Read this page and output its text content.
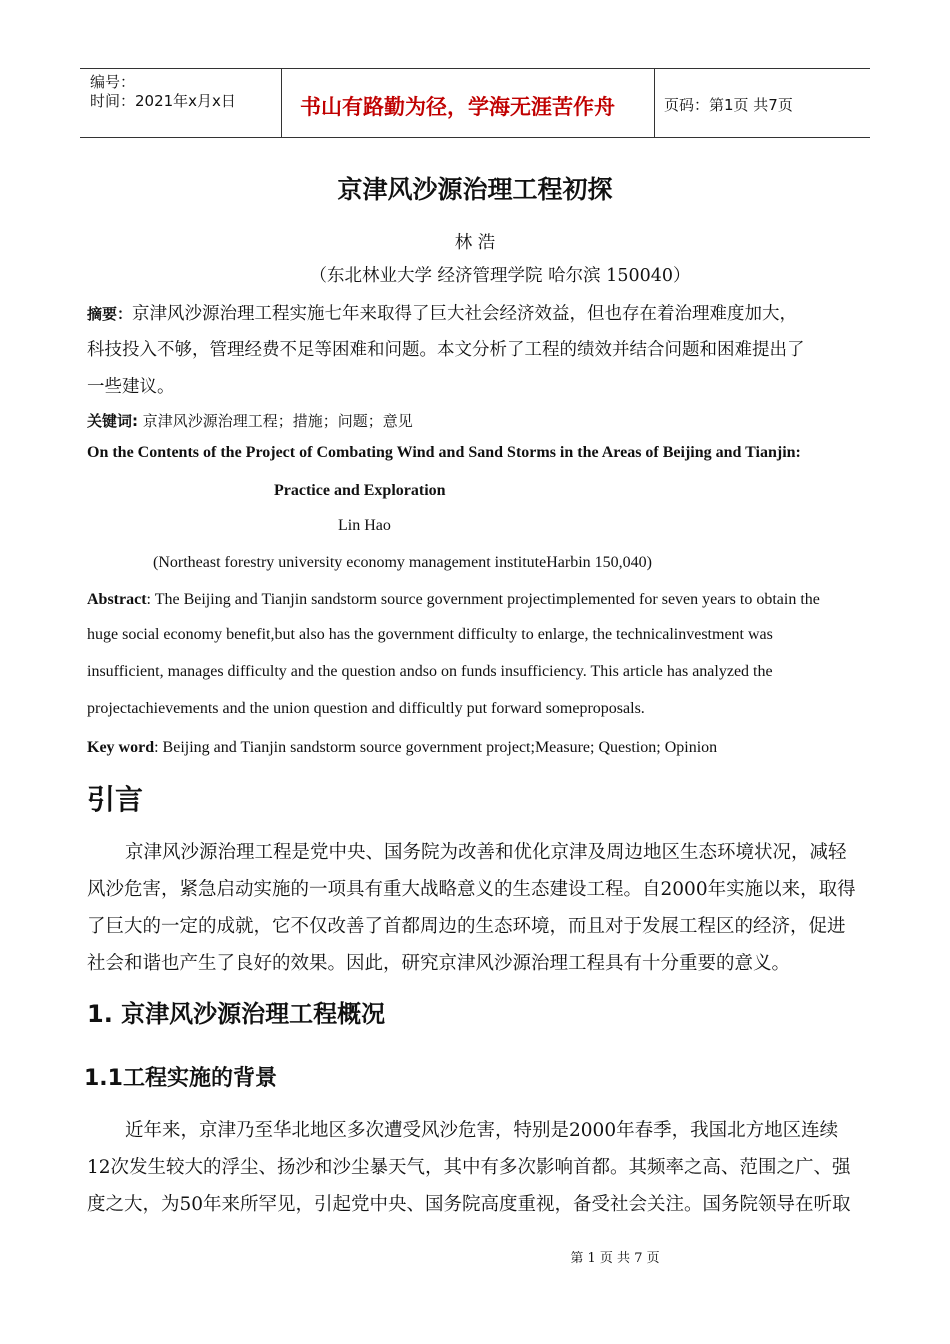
编号：
时间：2021年x月x日	书山有路勤为径，学海无涯苦作舟	页码：第1页 共7页
京津风沙源治理工程初探
林 浩
（东北林业大学 经济管理学院 哈尔滨 150040）
摘要：京津风沙源治理工程实施七年来取得了巨大社会经济效益，但也存在着治理难度加大，
科技投入不够，管理经费不足等困难和问题。本文分析了工程的绩效并结合问题和困难提出了
一些建议。
关键词: 京津风沙源治理工程；措施；问题；意见
On the Contents of the Project of Combating Wind and Sand Storms in the Areas of Beijing and Tianjin:
Practice and Exploration
Lin Hao
(Northeast forestry university economy management instituteHarbin 150,040)
Abstract: The Beijing and Tianjin sandstorm source government projectimplemented for seven years to obtain the
huge social economy benefit,but also has the government difficulty to enlarge, the technicalinvestment was
insufficient, manages difficulty and the question andso on funds insufficiency. This article has analyzed the
projectachievements and the union question and difficultly put forward someproposals.
Key word: Beijing and Tianjin sandstorm source government project;Measure; Question; Opinion
引言
京津风沙源治理工程是党中央、国务院为改善和优化京津及周边地区生态环境状况，减轻
风沙危害，紧急启动实施的一项具有重大战略意义的生态建设工程。自2000年实施以来，取得
了巨大的一定的成就，它不仅改善了首都周边的生态环境，而且对于发展工程区的经济，促进
社会和谐也产生了良好的效果。因此，研究京津风沙源治理工程具有十分重要的意义。
1. 京津风沙源治理工程概况
1.1工程实施的背景
近年来，京津乃至华北地区多次遭受风沙危害，特别是2000年春季，我国北方地区连续
12次发生较大的浮尘、扬沙和沙尘暴天气，其中有多次影响首都。其频率之高、范围之广、强
度之大，为50年来所罕见，引起党中央、国务院高度重视，备受社会关注。国务院领导在听取
第 1 页 共 7 页
